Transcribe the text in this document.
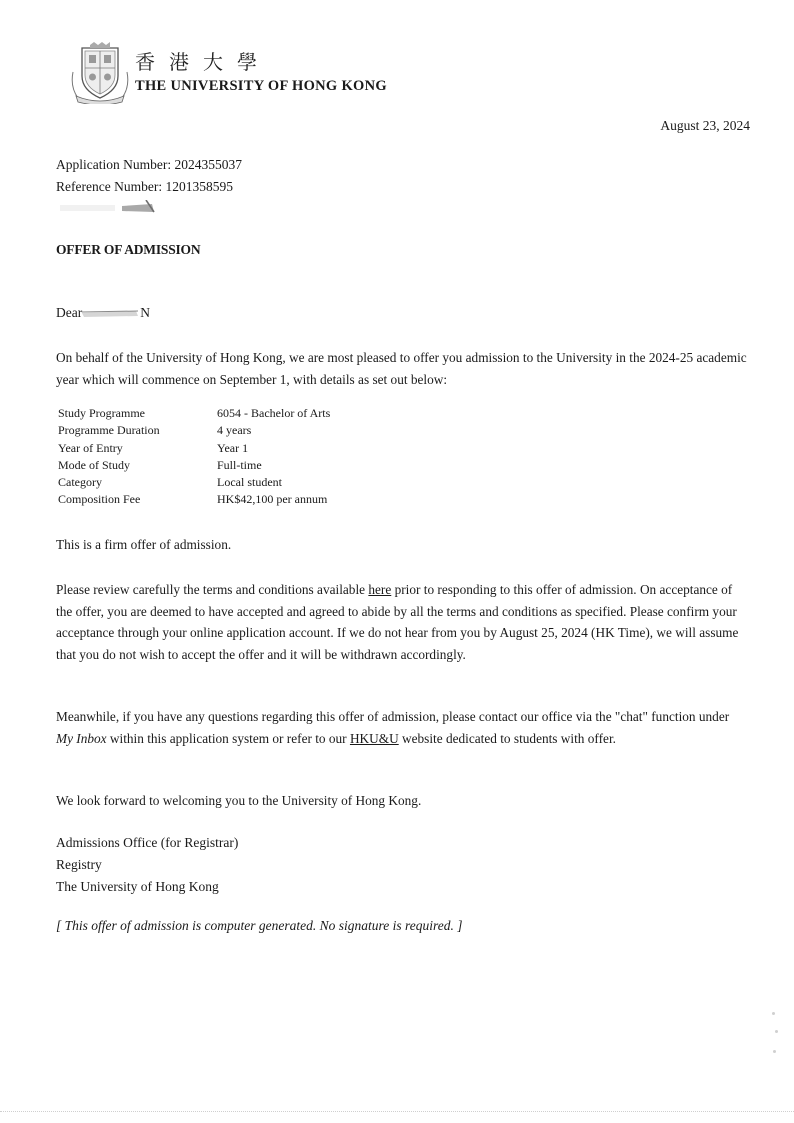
香港大學
THE UNIVERSITY OF HONG KONG
August 23, 2024
Application Number: 2024355037
Reference Number: 1201358595
OFFER OF ADMISSION
Dear	N
On behalf of the University of Hong Kong, we are most pleased to offer you admission to the University in the 2024-25 academic
year which will commence on September 1, with details as set out below:
Study Programme	6054 - Bachelor of Arts
Programme Duration	4 years
Year of Entry	Year 1
Mode of Study	Full-time
Category	Local student
Composition Fee	HK$42,100 per annum
This is a firm offer of admission.
Please review carefully the terms and conditions available here prior to responding to this offer of admission. On acceptance of
the offer, you are deemed to have accepted and agreed to abide by all the terms and conditions as specified. Please confirm your
acceptance through your online application account. If we do not hear from you by August 25, 2024 (HK Time), we will assume
that you do not wish to accept the offer and it will be withdrawn accordingly.
Meanwhile, if you have any questions regarding this offer of admission, please contact our office via the "chat" function under
My Inbox within this application system or refer to our HKU&U website dedicated to students with offer.
We look forward to welcoming you to the University of Hong Kong.
Admissions Office (for Registrar)
Registry
The University of Hong Kong
[ This offer of admission is computer generated. No signature is required. ]
